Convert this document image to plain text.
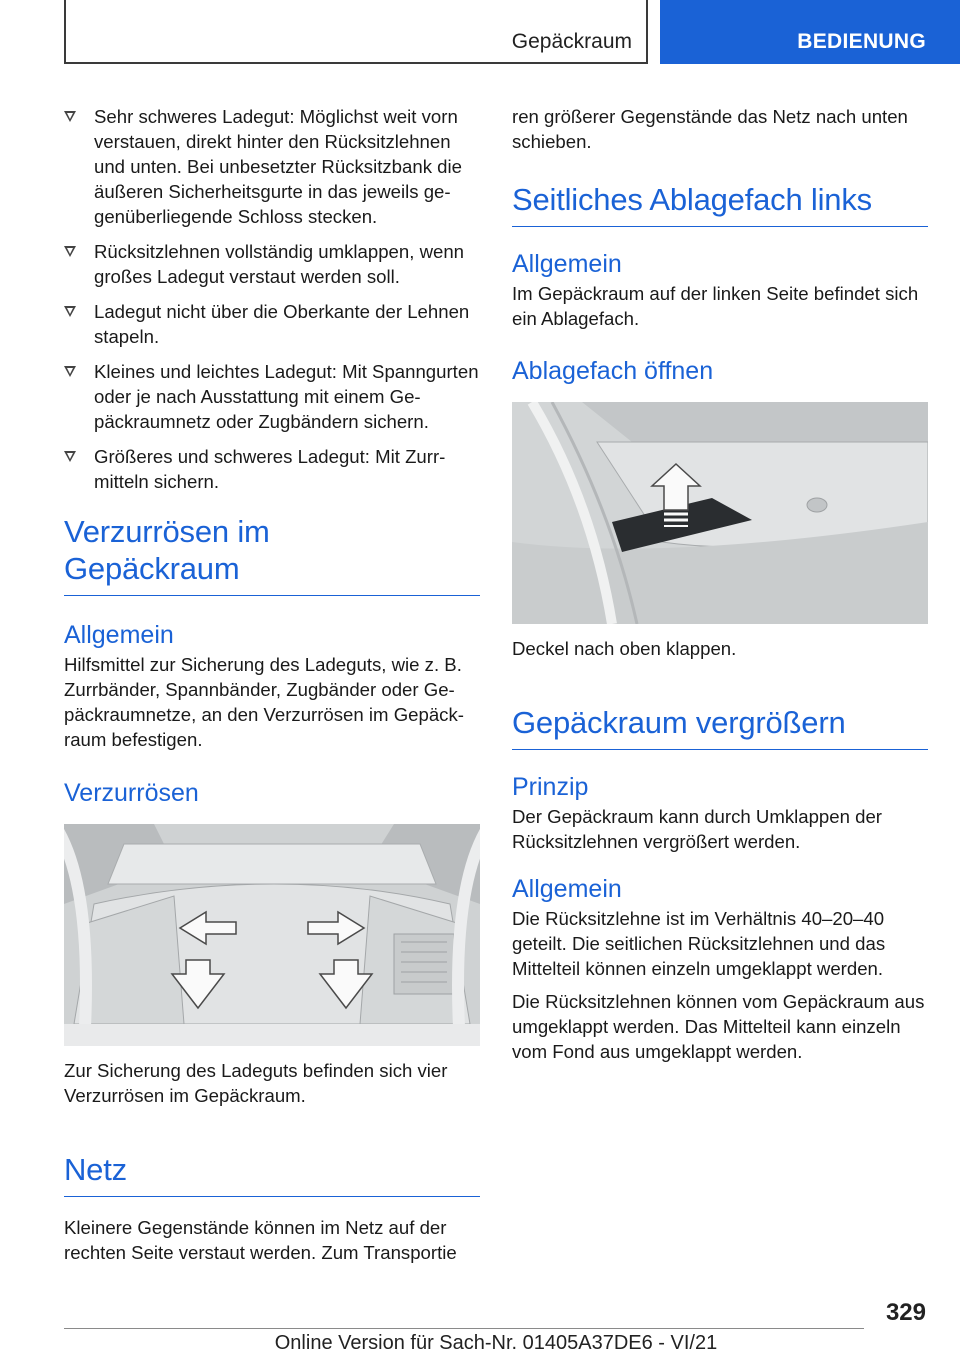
Gepäckraum	BEDIENUNG
Sehr schweres Ladegut: Möglichst weit vorn verstauen, direkt hinter den Rücksitzlehnen und unten. Bei unbesetzter Rücksitzbank die äußeren Sicherheitsgurte in das jeweils gegenüberliegende Schloss stecken.
Rücksitzlehnen vollständig umklappen, wenn großes Ladegut verstaut werden soll.
Ladegut nicht über die Oberkante der Lehnen stapeln.
Kleines und leichtes Ladegut: Mit Spanngurten oder je nach Ausstattung mit einem Gepäckraumnetz oder Zugbändern sichern.
Größeres und schweres Ladegut: Mit Zurrmitteln sichern.
Verzurrösen im
Gepäckraum
Allgemein

Hilfsmittel zur Sicherung des Ladeguts, wie z. B. Zurrbänder, Spannbänder, Zugbänder oder Gepäckraumnetze, an den Verzurrösen im Gepäckraum befestigen.

Verzurrösen

Zur Sicherung des Ladeguts befinden sich vier Verzurrösen im Gepäckraum.

Netz

Kleinere Gegenstände können im Netz auf der rechten Seite verstaut werden. Zum Transportie

ren größerer Gegenstände das Netz nach unten schieben.

Seitliches Ablagefach links
Allgemein

Im Gepäckraum auf der linken Seite befindet sich ein Ablagefach.

Ablagefach öffnen

Deckel nach oben klappen.

Gepäckraum vergrößern
Prinzip

Der Gepäckraum kann durch Umklappen der Rücksitzlehnen vergrößert werden.

Allgemein

Die Rücksitzlehne ist im Verhältnis 40–20–40 geteilt. Die seitlichen Rücksitzlehnen und das Mittelteil können einzeln umgeklappt werden.

Die Rücksitzlehnen können vom Gepäckraum aus umgeklappt werden. Das Mittelteil kann einzeln vom Fond aus umgeklappt werden.

329
Online Version für Sach-Nr. 01405A37DE6 - VI/21
